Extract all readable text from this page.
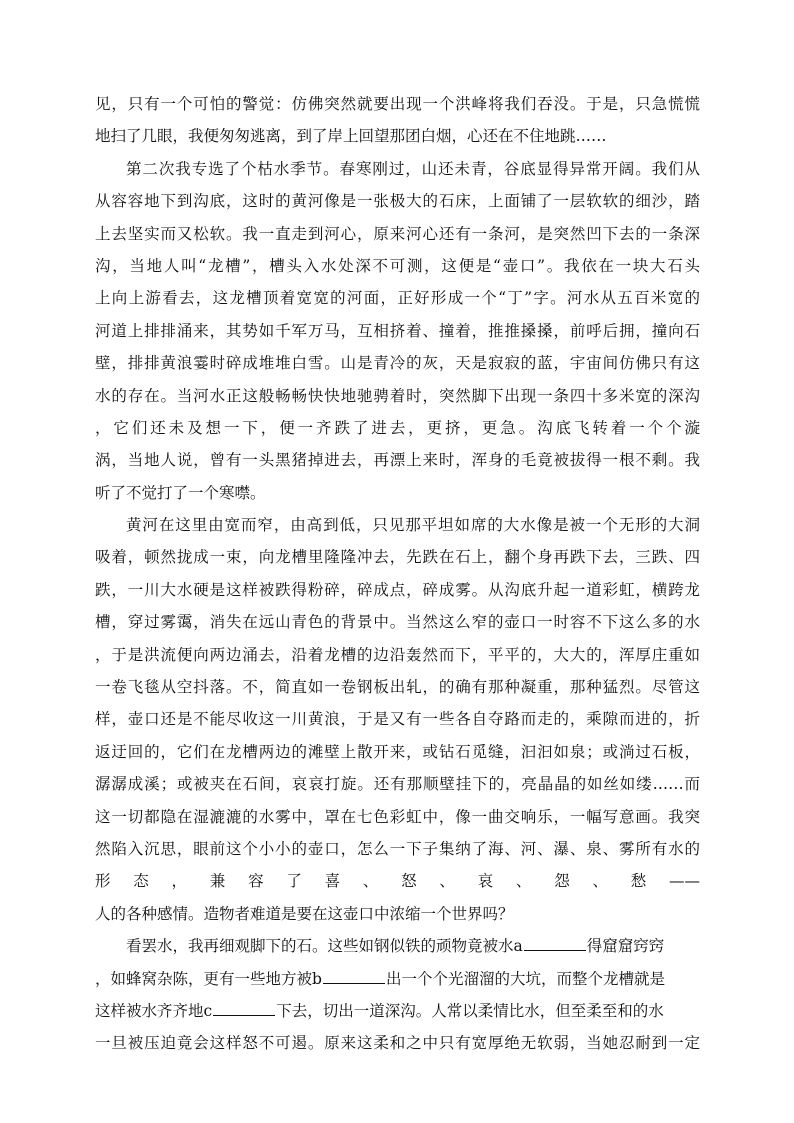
见，只有一个可怕的警觉：仿佛突然就要出现一个洪峰将我们吞没。于是，只急慌慌
地扫了几眼，我便匆匆逃离，到了岸上回望那团白烟，心还在不住地跳……
第二次我专选了个枯水季节。春寒刚过，山还未青，谷底显得异常开阔。我们从
从容容地下到沟底，这时的黄河像是一张极大的石床，上面铺了一层软软的细沙，踏
上去坚实而又松软。我一直走到河心，原来河心还有一条河，是突然凹下去的一条深
沟，当地人叫“龙槽”，槽头入水处深不可测，这便是“壶口”。我依在一块大石头
上向上游看去，这龙槽顶着宽宽的河面，正好形成一个“丁”字。河水从五百米宽的
河道上排排涌来，其势如千军万马，互相挤着、撞着，推推搡搡，前呼后拥，撞向石
壁，排排黄浪霎时碎成堆堆白雪。山是青冷的灰，天是寂寂的蓝，宇宙间仿佛只有这
水的存在。当河水正这般畅畅快快地驰骋着时，突然脚下出现一条四十多米宽的深沟
，它们还未及想一下，便一齐跌了进去，更挤，更急。沟底飞转着一个个漩
涡，当地人说，曾有一头黑猪掉进去，再漂上来时，浑身的毛竟被拔得一根不剩。我
听了不觉打了一个寒噤。
黄河在这里由宽而窄，由高到低，只见那平坦如席的大水像是被一个无形的大洞
吸着，顿然拢成一束，向龙槽里隆隆冲去，先跌在石上，翻个身再跌下去，三跌、四
跌，一川大水硬是这样被跌得粉碎，碎成点，碎成雾。从沟底升起一道彩虹，横跨龙
槽，穿过雾霭，消失在远山青色的背景中。当然这么窄的壶口一时容不下这么多的水
，于是洪流便向两边涌去，沿着龙槽的边沿轰然而下，平平的，大大的，浑厚庄重如
一卷飞毯从空抖落。不，简直如一卷钢板出轧，的确有那种凝重，那种猛烈。尽管这
样，壶口还是不能尽收这一川黄浪，于是又有一些各自夺路而走的，乘隙而进的，折
返迂回的，它们在龙槽两边的滩壁上散开来，或钻石觅缝，汩汩如泉；或淌过石板，
潺潺成溪；或被夹在石间，哀哀打旋。还有那顺壁挂下的，亮晶晶的如丝如缕……而
这一切都隐在湿漉漉的水雾中，罩在七色彩虹中，像一曲交响乐，一幅写意画。我突
然陷入沉思，眼前这个小小的壶口，怎么一下子集纳了海、河、瀑、泉、雾所有水的
形 态 ， 兼 容 了 喜 、 怒 、 哀 、 怨 、 愁 ——
人的各种感情。造物者难道是要在这壶口中浓缩一个世界吗？
看罢水，我再细观脚下的石。这些如钢似铁的顽物竟被水a	得窟窟窍窍
，如蜂窝杂陈，更有一些地方被b	出一个个光溜溜的大坑，而整个龙槽就是
这样被水齐齐地c	下去，切出一道深沟。人常以柔情比水，但至柔至和的水
一旦被压迫竟会这样怒不可遏。原来这柔和之中只有宽厚绝无软弱，当她忍耐到一定
